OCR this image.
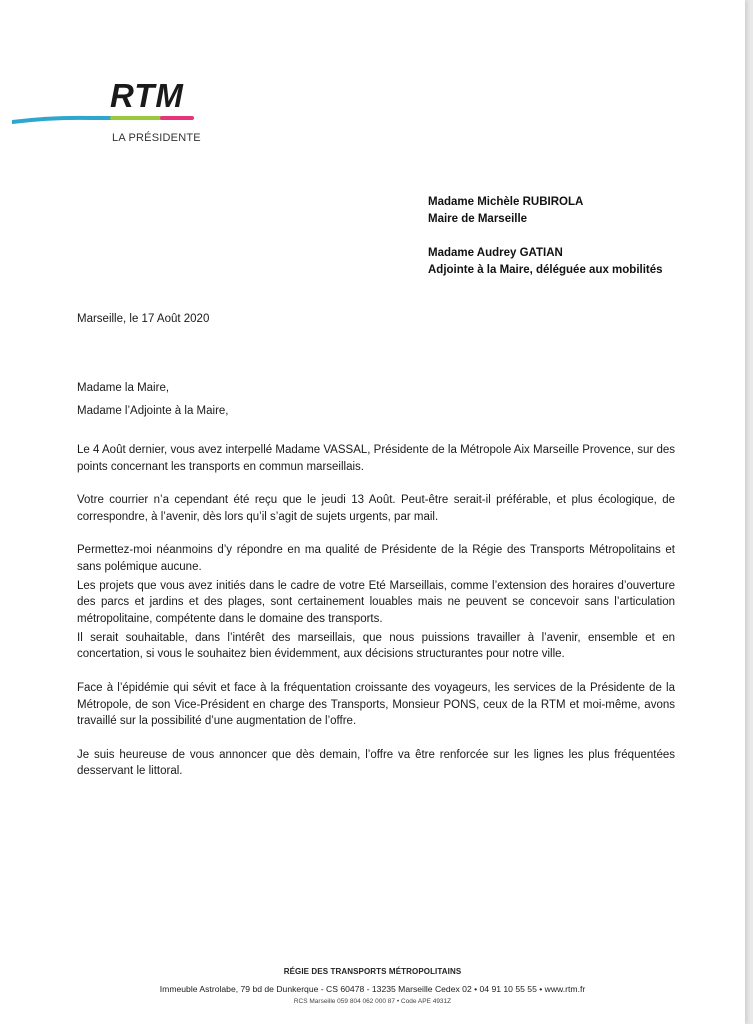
RTM
LA PRÉSIDENTE
Madame Michèle RUBIROLA
Maire de Marseille
Madame Audrey GATIAN
Adjointe à la Maire, déléguée aux mobilités
Marseille, le 17 Août 2020
Madame la Maire,
Madame l’Adjointe à la Maire,

Le 4 Août dernier, vous avez interpellé Madame VASSAL, Présidente de la Métropole Aix Marseille Provence, sur des points concernant les transports en commun marseillais.

Votre courrier n’a cependant été reçu que le jeudi 13 Août. Peut-être serait-il préférable, et plus écologique, de correspondre, à l’avenir, dès lors qu’il s’agit de sujets urgents, par mail.

Permettez-moi néanmoins d’y répondre en ma qualité de Présidente de la Régie des Transports Métropolitains et sans polémique aucune.

Les projets que vous avez initiés dans le cadre de votre Eté Marseillais, comme l’extension des horaires d’ouverture des parcs et jardins et des plages, sont certainement louables mais ne peuvent se concevoir sans l’articulation métropolitaine, compétente dans le domaine des transports.

Il serait souhaitable, dans l’intérêt des marseillais, que nous puissions travailler à l’avenir, ensemble et en concertation, si vous le souhaitez bien évidemment, aux décisions structurantes pour notre ville.

Face à l’épidémie qui sévit et face à la fréquentation croissante des voyageurs, les services de la Présidente de la Métropole, de son Vice-Président en charge des Transports, Monsieur PONS, ceux de la RTM et moi-même, avons travaillé sur la possibilité d’une augmentation de l’offre.

Je suis heureuse de vous annoncer que dès demain, l’offre va être renforcée sur les lignes les plus fréquentées desservant le littoral.

RÉGIE DES TRANSPORTS MÉTROPOLITAINS
Immeuble Astrolabe, 79 bd de Dunkerque - CS 60478 - 13235 Marseille Cedex 02 • 04 91 10 55 55 • www.rtm.fr
RCS Marseille 059 804 062 000 87 • Code APE 4931Z
